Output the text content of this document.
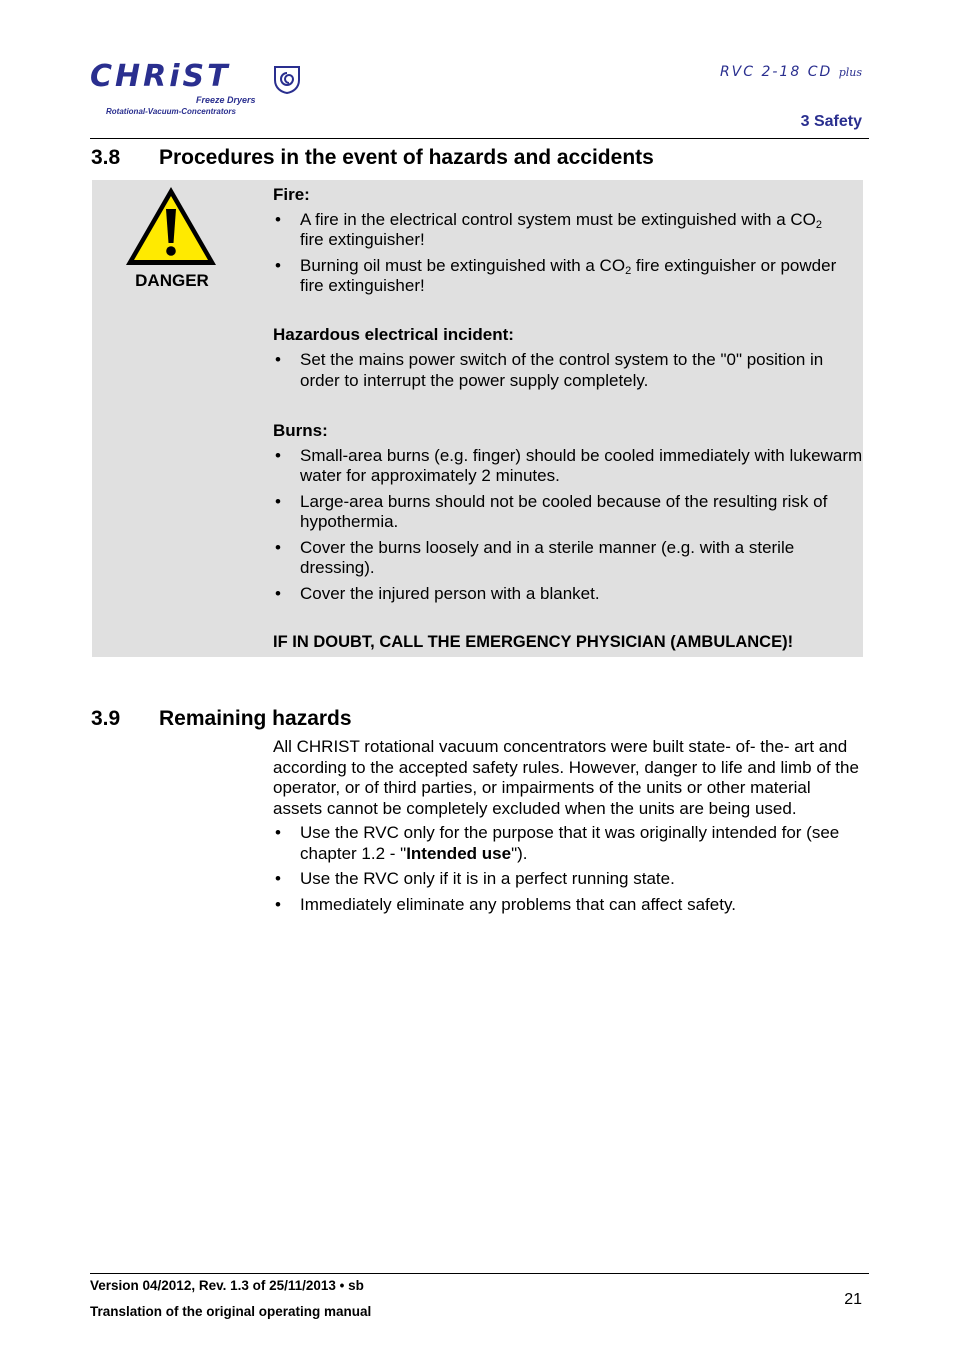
CHRiST
Freeze Dryers
Rotational-Vacuum-Concentrators
RVC 2-18 CD plus
3 Safety
3.8 Procedures in the event of hazards and accidents
DANGER
Fire:
• A fire in the electrical control system must be extinguished with a $CO_2$
fire extinguisher!
• Burning oil must be extinguished with a $CO_2$ fire extinguisher or powder fire extinguisher!
Hazardous electrical incident:
• Set the mains power switch of the control system to the "0" position in order to interrupt the power supply completely.
Burns:
• Small-area burns (e.g. finger) should be cooled immediately with lukewarm water for approximately 2 minutes.
• Large-area burns should not be cooled because of the resulting risk of hypothermia.
• Cover the burns loosely and in a sterile manner (e.g. with a sterile dressing).
• Cover the injured person with a blanket.
IF IN DOUBT, CALL THE EMERGENCY PHYSICIAN (AMBULANCE)!
3.9 Remaining hazards

All CHRIST rotational vacuum concentrators were built state- of- the- art and according to the accepted safety rules. However, danger to life and limb of the operator, or of third parties, or impairments of the units or other material assets cannot be completely excluded when the units are being used.

• Use the RVC only for the purpose that it was originally intended for (see chapter 1.2 - "Intended use").
• Use the RVC only if it is in a perfect running state.
• Immediately eliminate any problems that can affect safety.
Version 04/2012, Rev. 1.3 of 25/11/2013 • sb
Translation of the original operating manual
21
